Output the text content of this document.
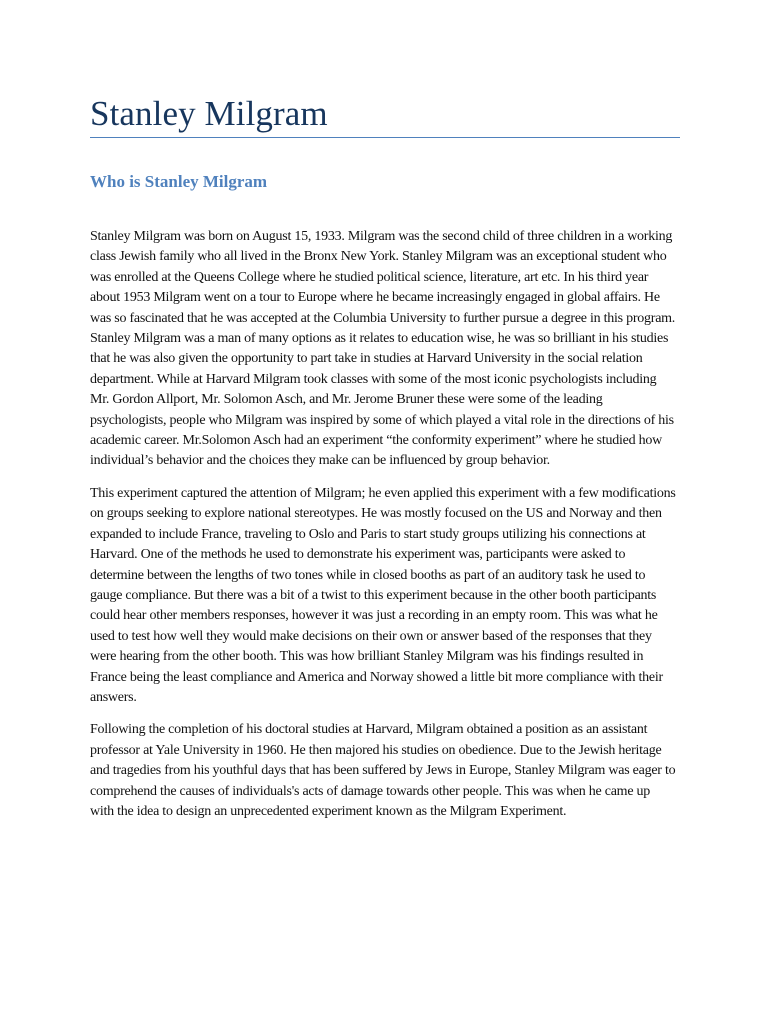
Stanley Milgram
Who is Stanley Milgram

Stanley Milgram was born on August 15, 1933. Milgram was the second child of three children in a working class Jewish family who all lived in the Bronx New York. Stanley Milgram was an exceptional student who was enrolled at the Queens College where he studied political science, literature, art etc. In his third year about 1953 Milgram went on a tour to Europe where he became increasingly engaged in global affairs. He was so fascinated that he was accepted at the Columbia University to further pursue a degree in this program. Stanley Milgram was a man of many options as it relates to education wise, he was so brilliant in his studies that he was also given the opportunity to part take in studies at Harvard University in the social relation department. While at Harvard Milgram took classes with some of the most iconic psychologists including Mr. Gordon Allport, Mr. Solomon Asch, and Mr. Jerome Bruner these were some of the leading psychologists, people who Milgram was inspired by some of which played a vital role in the directions of his academic career. Mr.Solomon Asch had an experiment “the conformity experiment” where he studied how individual’s behavior and the choices they make can be influenced by group behavior.

This experiment captured the attention of Milgram; he even applied this experiment with a few modifications on groups seeking to explore national stereotypes. He was mostly focused on the US and Norway and then expanded to include France, traveling to Oslo and Paris to start study groups utilizing his connections at Harvard. One of the methods he used to demonstrate his experiment was, participants were asked to determine between the lengths of two tones while in closed booths as part of an auditory task he used to gauge compliance. But there was a bit of a twist to this experiment because in the other booth participants could hear other members responses, however it was just a recording in an empty room. This was what he used to test how well they would make decisions on their own or answer based of the responses that they were hearing from the other booth. This was how brilliant Stanley Milgram was his findings resulted in France being the least compliance and America and Norway showed a little bit more compliance with their answers.

Following the completion of his doctoral studies at Harvard, Milgram obtained a position as an assistant professor at Yale University in 1960. He then majored his studies on obedience. Due to the Jewish heritage and tragedies from his youthful days that has been suffered by Jews in Europe, Stanley Milgram was eager to comprehend the causes of individuals's acts of damage towards other people. This was when he came up with the idea to design an unprecedented experiment known as the Milgram Experiment.
